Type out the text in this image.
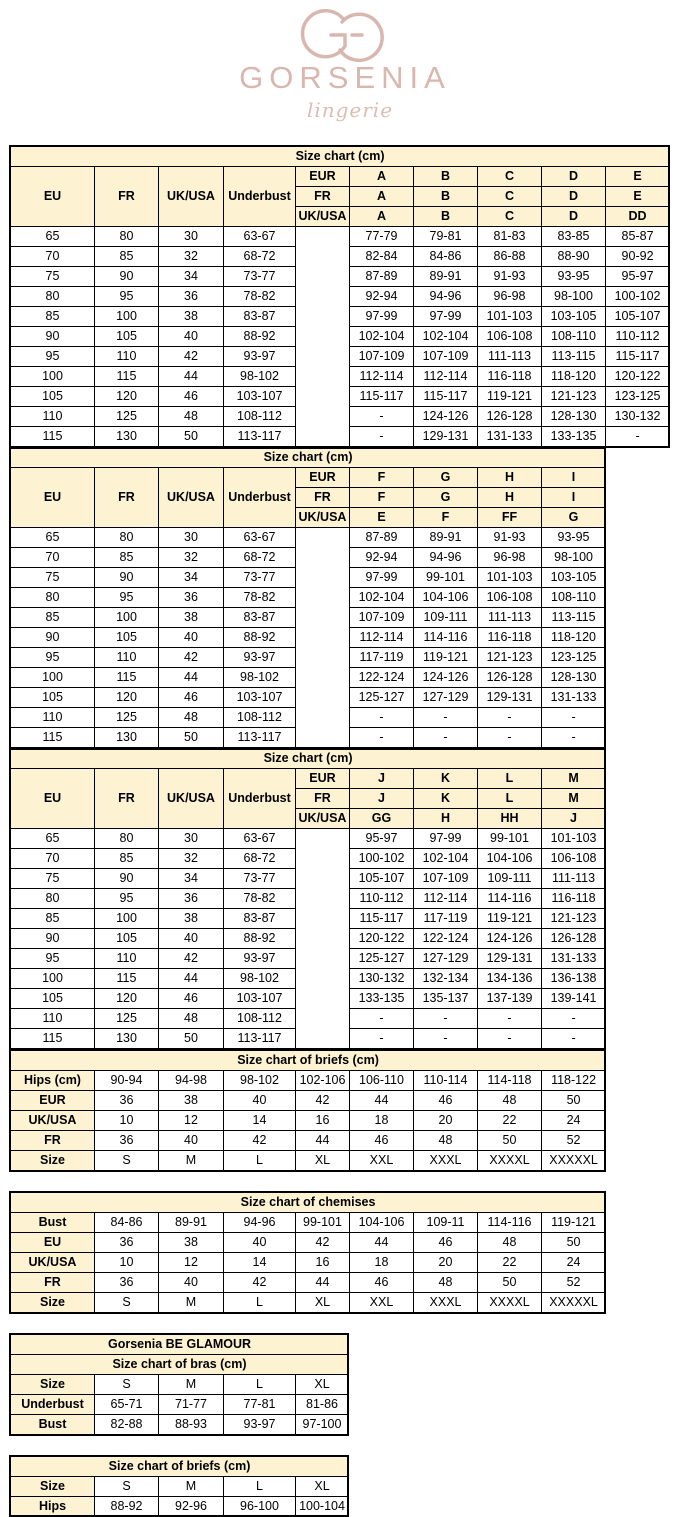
GORSENIA
lingerie
Size chart (cm)									
EU	FR	UK/USA	Underbust	EUR	A	B	C	D	E
				FR	A	B	C	D	E
				UK/USA	A	B	C	D	DD
65	80	30	63-67		77-79	79-81	81-83	83-85	85-87
70	85	32	68-72		82-84	84-86	86-88	88-90	90-92
75	90	34	73-77		87-89	89-91	91-93	93-95	95-97
80	95	36	78-82		92-94	94-96	96-98	98-100	100-102
85	100	38	83-87		97-99	97-99	101-103	103-105	105-107
90	105	40	88-92		102-104	102-104	106-108	108-110	110-112
95	110	42	93-97		107-109	107-109	111-113	113-115	115-117
100	115	44	98-102		112-114	112-114	116-118	118-120	120-122
105	120	46	103-107		115-117	115-117	119-121	121-123	123-125
110	125	48	108-112		-	124-126	126-128	128-130	130-132
115	130	50	113-117		-	129-131	131-133	133-135	-
Size chart (cm)								
EU	FR	UK/USA	Underbust	EUR	F	G	H	I
				FR	F	G	H	I
				UK/USA	E	F	FF	G
65	80	30	63-67		87-89	89-91	91-93	93-95
70	85	32	68-72		92-94	94-96	96-98	98-100
75	90	34	73-77		97-99	99-101	101-103	103-105
80	95	36	78-82		102-104	104-106	106-108	108-110
85	100	38	83-87		107-109	109-111	111-113	113-115
90	105	40	88-92		112-114	114-116	116-118	118-120
95	110	42	93-97		117-119	119-121	121-123	123-125
100	115	44	98-102		122-124	124-126	126-128	128-130
105	120	46	103-107		125-127	127-129	129-131	131-133
110	125	48	108-112		-	-	-	-
115	130	50	113-117		-	-	-	-
Size chart (cm)								
EU	FR	UK/USA	Underbust	EUR	J	K	L	M
				FR	J	K	L	M
				UK/USA	GG	H	HH	J
65	80	30	63-67		95-97	97-99	99-101	101-103
70	85	32	68-72		100-102	102-104	104-106	106-108
75	90	34	73-77		105-107	107-109	109-111	111-113
80	95	36	78-82		110-112	112-114	114-116	116-118
85	100	38	83-87		115-117	117-119	119-121	121-123
90	105	40	88-92		120-122	122-124	124-126	126-128
95	110	42	93-97		125-127	127-129	129-131	131-133
100	115	44	98-102		130-132	132-134	134-136	136-138
105	120	46	103-107		133-135	135-137	137-139	139-141
110	125	48	108-112		-	-	-	-
115	130	50	113-117		-	-	-	-
Size chart of briefs (cm)								
Hips (cm)	90-94	94-98	98-102	102-106	106-110	110-114	114-118	118-122
EUR	36	38	40	42	44	46	48	50
UK/USA	10	12	14	16	18	20	22	24
FR	36	40	42	44	46	48	50	52
Size	S	M	L	XL	XXL	XXXL	XXXXL	XXXXXL
Size chart of chemises								
Bust	84-86	89-91	94-96	99-101	104-106	109-11	114-116	119-121
EU	36	38	40	42	44	46	48	50
UK/USA	10	12	14	16	18	20	22	24
FR	36	40	42	44	46	48	50	52
Size	S	M	L	XL	XXL	XXXL	XXXXL	XXXXXL
Gorsenia BE GLAMOUR				
Size chart of bras (cm)				
Size	S	M	L	XL
Underbust	65-71	71-77	77-81	81-86
Bust	82-88	88-93	93-97	97-100
Size chart of briefs (cm)				
Size	S	M	L	XL
Hips	88-92	92-96	96-100	100-104
